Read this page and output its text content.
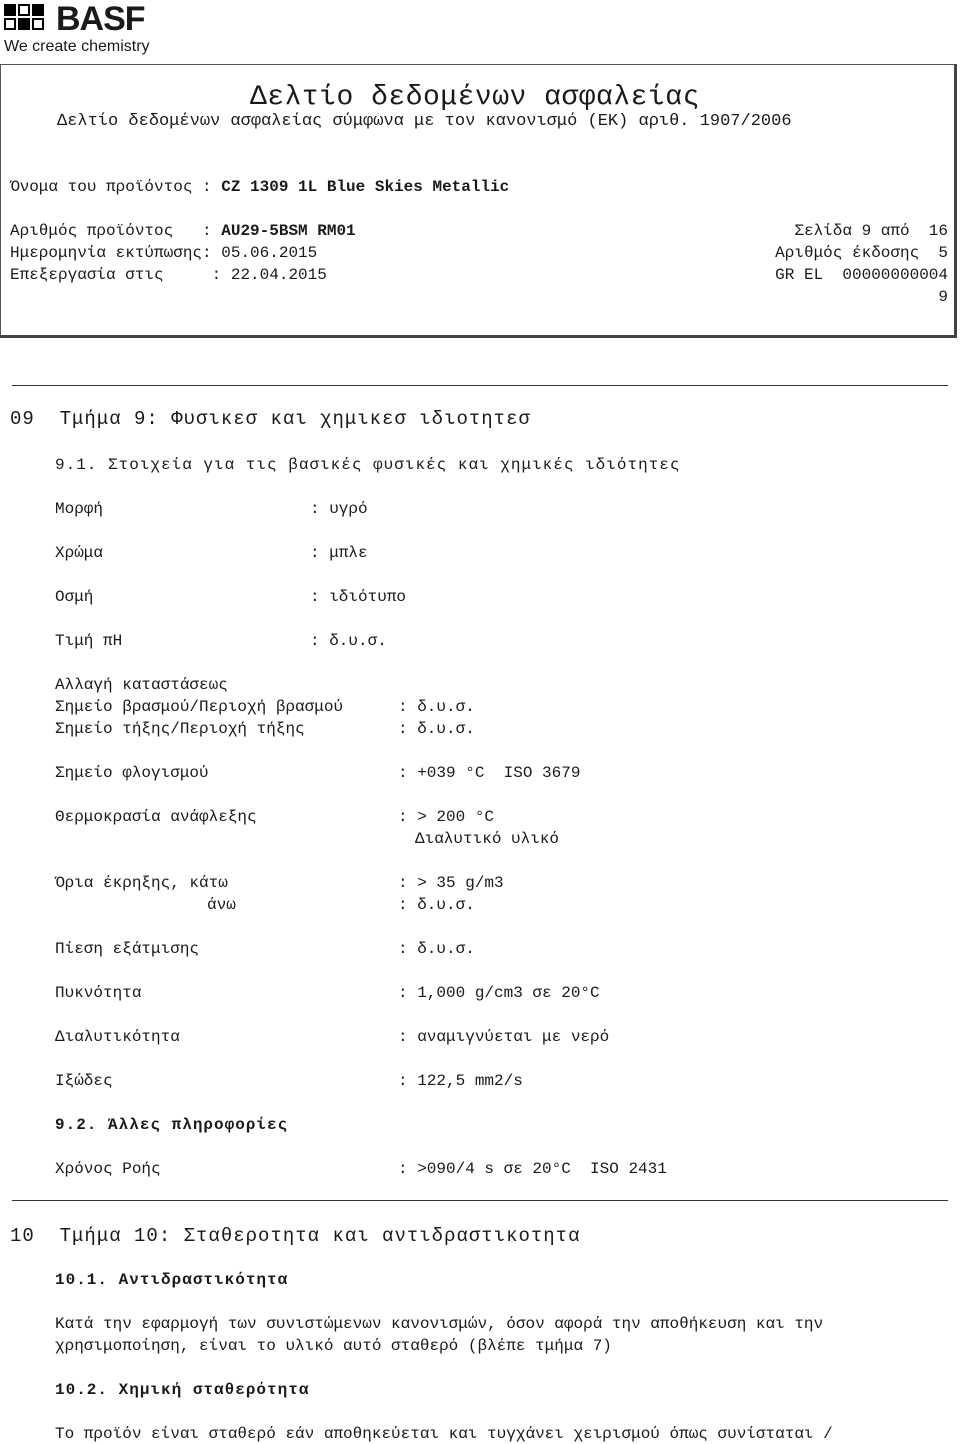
BASF
We create chemistry
Δελτίο δεδομένων ασφαλείας
Δελτίο δεδομένων ασφαλείας σύμφωνα με τον κανονισμό (ΕΚ) αριθ. 1907/2006
Όνομα του προϊόντος : CZ 1309 1L Blue Skies Metallic
Αριθμός προϊόντος   : AU29-5BSM RM01
Ημερομηνία εκτύπωσης: 05.06.2015
Επεξεργασία στις     : 22.04.2015
Σελίδα 9 από  16
Αριθμός έκδοσης  5
GR EL  00000000004
9
09  Τμήμα 9: Φυσικεσ και χημικεσ ιδιοτητεσ
9.1. Στοιχεία για τις βασικές φυσικές και χημικές ιδιότητες
Μορφή	: υγρό
Χρώμα	: μπλε
Οσμή	: ιδιότυπο
Τιμή πΗ	: δ.υ.σ.
Αλλαγή καταστάσεως
Σημείο βρασμού/Περιοχή βρασμού	: δ.υ.σ.
Σημείο τήξης/Περιοχή τήξης	: δ.υ.σ.
Σημείο φλογισμού	: +039 °C  ISO 3679
Θερμοκρασία ανάφλεξης	: > 200 °C
Διαλυτικό υλικό
Όρια έκρηξης, κάτω	: > 35 g/m3
άνω	: δ.υ.σ.
Πίεση εξάτμισης	: δ.υ.σ.
Πυκνότητα	: 1,000 g/cm3 σε 20°C
Διαλυτικότητα	: αναμιγνύεται με νερό
Ιξώδες	: 122,5 mm2/s
9.2. Άλλες πληροφορίες
Χρόνος Ροής	: >090/4 s σε 20°C  ISO 2431
10  Τμήμα 10: Σταθεροτητα και αντιδραστικοτητα
10.1. Αντιδραστικότητα
Κατά την εφαρμογή των συνιστώμενων κανονισμών, όσον αφορά την αποθήκευση και την
χρησιμοποίηση, είναι το υλικό αυτό σταθερό (βλέπε τμήμα 7)
10.2. Χημική σταθερότητα
Το προϊόν είναι σταθερό εάν αποθηκεύεται και τυγχάνει χειρισμού όπως συνίσταται /
